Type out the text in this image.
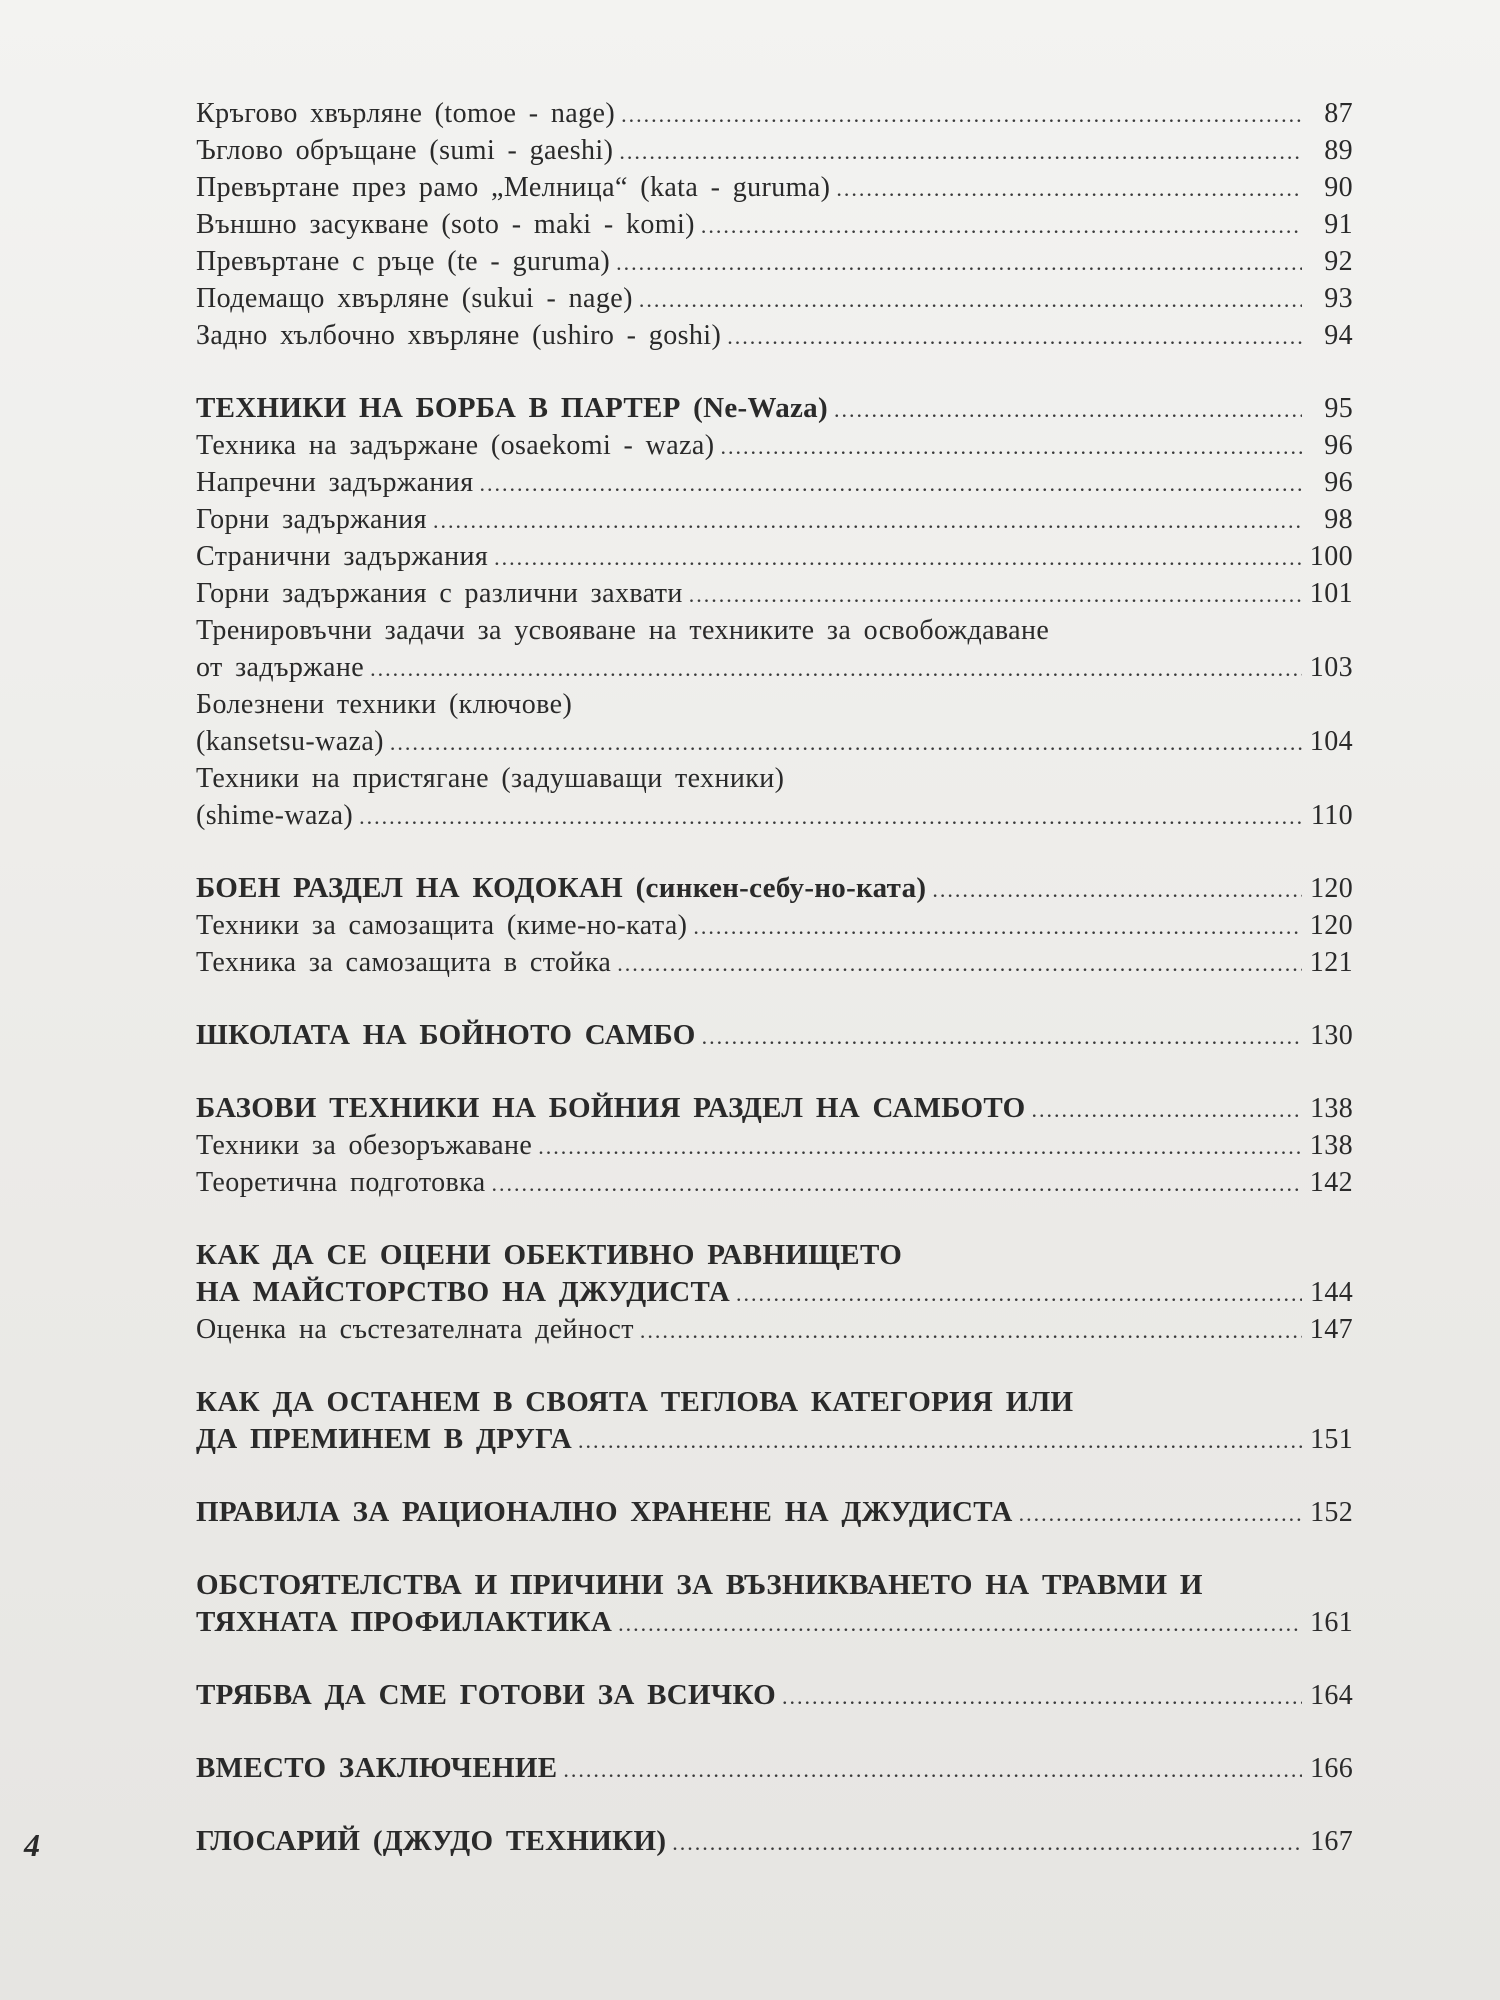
Кръгово хвърляне (tomoe - nage) .....	87
Ъглово обръщане (sumi - gaeshi) .....	89
Превъртане през рамо „Мелница“ (kata - guruma) .....	90
Външно засукване (soto - maki - komi) .....	91
Превъртане с ръце (te - guruma) .....	92
Подемащо хвърляне (sukui - nage) .....	93
Задно хълбочно хвърляне (ushiro - goshi) .....	94
ТЕХНИКИ НА БОРБА В ПАРТЕР (Ne-Waza) .....	95
Техника на задържане (osaekomi - waza) .....	96
Напречни задържания .....	96
Горни задържания .....	98
Странични задържания .....	100
Горни задържания с различни захвати .....	101
Тренировъчни задачи за усвояване на техниките за освобождаване
от задържане .....	103
Болезнени техники (ключове)
(kansetsu-waza) .....	104
Техники на пристягане (задушаващи техники)
(shime-waza) .....	110
БОЕН РАЗДЕЛ НА КОДОКАН (синкен-себу-но-ката) .....	120
Техники за самозащита (киме-но-ката) .....	120
Техника за самозащита в стойка .....	121
ШКОЛАТА НА БОЙНОТО САМБО .....	130
БАЗОВИ ТЕХНИКИ НА БОЙНИЯ РАЗДЕЛ НА САМБОТО .....	138
Техники за обезоръжаване .....	138
Теоретична подготовка .....	142
КАК ДА СЕ ОЦЕНИ ОБЕКТИВНО РАВНИЩЕТО
НА МАЙСТОРСТВО НА ДЖУДИСТА .....	144
Оценка на състезателната дейност .....	147
КАК ДА ОСТАНЕМ В СВОЯТА ТЕГЛОВА КАТЕГОРИЯ ИЛИ
ДА ПРЕМИНЕМ В ДРУГА .....	151
ПРАВИЛА ЗА РАЦИОНАЛНО ХРАНЕНЕ НА ДЖУДИСТА .....	152
ОБСТОЯТЕЛСТВА И ПРИЧИНИ ЗА ВЪЗНИКВАНЕТО НА ТРАВМИ И
ТЯХНАТА ПРОФИЛАКТИКА .....	161
ТРЯБВА ДА СМЕ ГОТОВИ ЗА ВСИЧКО .....	164
ВМЕСТО ЗАКЛЮЧЕНИЕ .....	166
ГЛОСАРИЙ (ДЖУДО ТЕХНИКИ) .....	167
4
